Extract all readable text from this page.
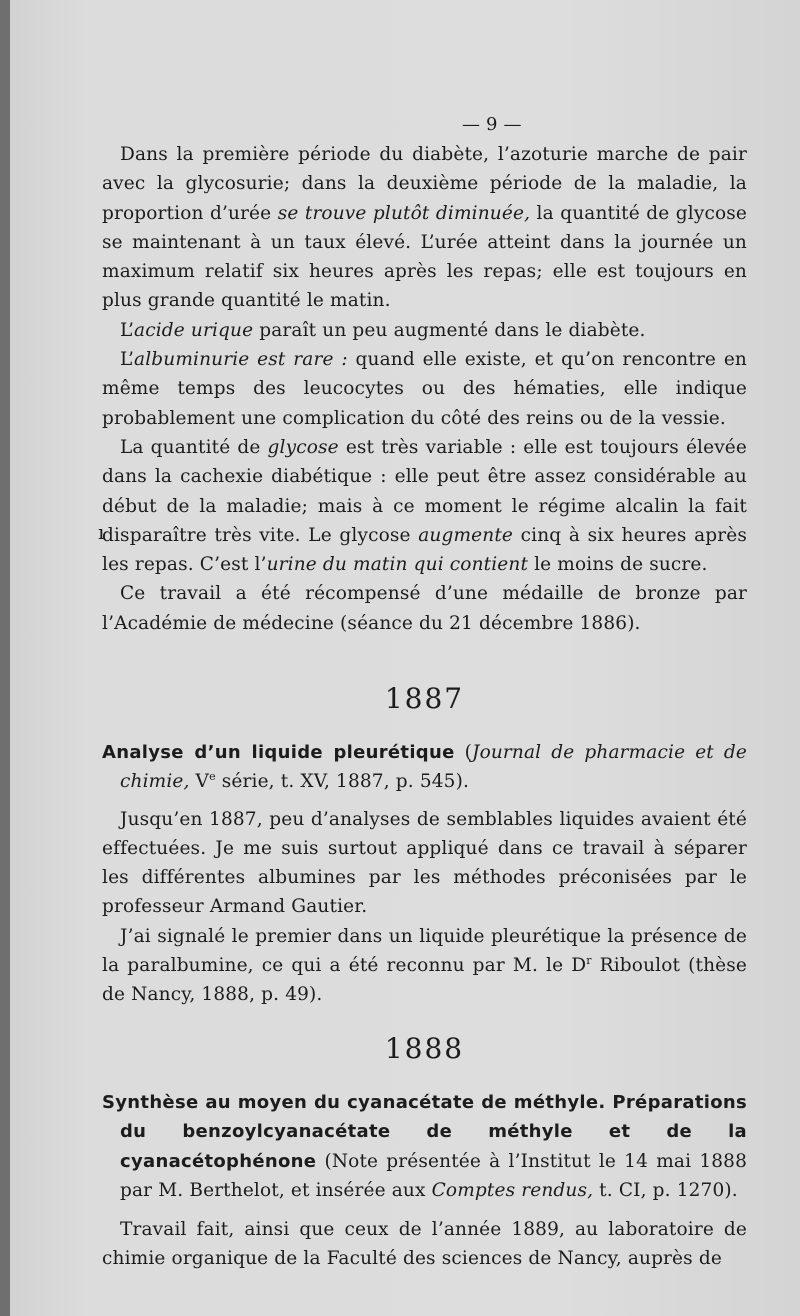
— 9 —

Dans la première période du diabète, l’azoturie marche de pair avec la glycosurie; dans la deuxième période de la maladie, la proportion d’urée se trouve plutôt diminuée, la quantité de glycose se maintenant à un taux élevé. L’urée atteint dans la journée un maximum relatif six heures après les repas; elle est toujours en plus grande quantité le matin.

L’acide urique paraît un peu augmenté dans le diabète.

L’albuminurie est rare : quand elle existe, et qu’on rencontre en même temps des leucocytes ou des hématies, elle indique probablement une complication du côté des reins ou de la vessie.

La quantité de glycose est très variable : elle est toujours élevée dans la cachexie diabétique : elle peut être assez considérable au début de la maladie; mais à ce moment le régime alcalin la fait disparaître très vite. Le glycose augmente cinq à six heures après les repas. C’est l’urine du matin qui contient le moins de sucre.

Ce travail a été récompensé d’une médaille de bronze par l’Académie de médecine (séance du 21 décembre 1886).

1887

Analyse d’un liquide pleurétique (Journal de pharmacie et de chimie, Ve série, t. XV, 1887, p. 545).

Jusqu’en 1887, peu d’analyses de semblables liquides avaient été effectuées. Je me suis surtout appliqué dans ce travail à séparer les différentes albumines par les méthodes préconisées par le professeur Armand Gautier.

J’ai signalé le premier dans un liquide pleurétique la présence de la paralbumine, ce qui a été reconnu par M. le $D^r$ Riboulot (thèse de Nancy, 1888, p. 49).

1888

Synthèse au moyen du cyanacétate de méthyle. Préparations du benzoylcyanacétate de méthyle et de la cyanacétophénone (Note présentée à l’Institut le 14 mai 1888 par M. Berthelot, et insérée aux Comptes rendus, t. CI, p. 1270).

Travail fait, ainsi que ceux de l’année 1889, au laboratoire de chimie organique de la Faculté des sciences de Nancy, auprès de

ı
